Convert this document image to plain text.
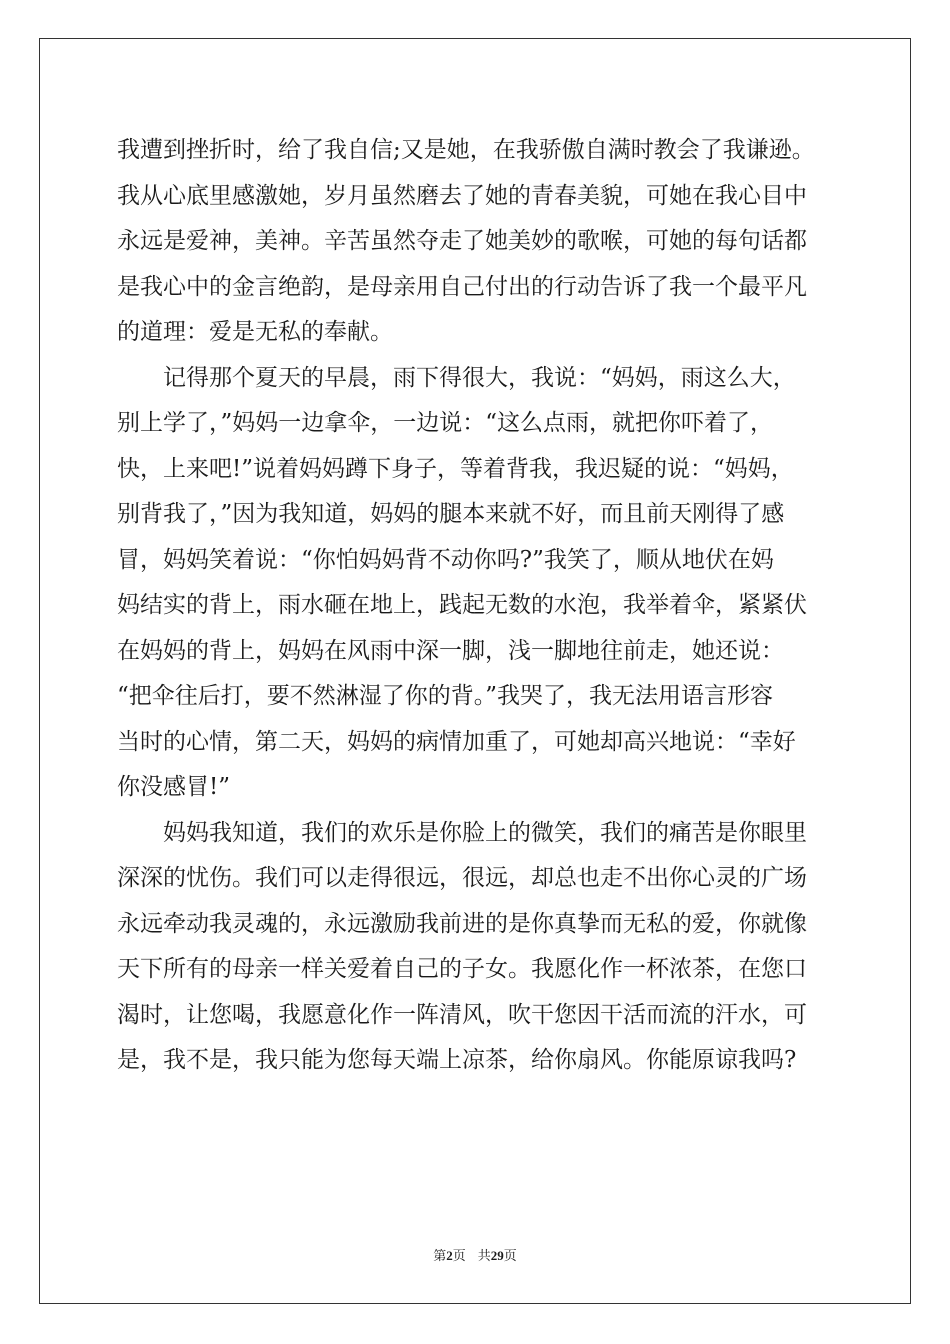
我遭到挫折时，给了我自信;又是她，在我骄傲自满时教会了我谦逊。
我从心底里感激她，岁月虽然磨去了她的青春美貌，可她在我心目中
永远是爱神，美神。辛苦虽然夺走了她美妙的歌喉，可她的每句话都
是我心中的金言绝韵，是母亲用自己付出的行动告诉了我一个最平凡
的道理：爱是无私的奉献。
记得那个夏天的早晨，雨下得很大，我说：“妈妈，雨这么大，
别上学了，”妈妈一边拿伞，一边说：“这么点雨，就把你吓着了，
快，上来吧!”说着妈妈蹲下身子，等着背我，我迟疑的说：“妈妈，
别背我了，”因为我知道，妈妈的腿本来就不好，而且前天刚得了感
冒，妈妈笑着说：“你怕妈妈背不动你吗?”我笑了，顺从地伏在妈
妈结实的背上，雨水砸在地上，践起无数的水泡，我举着伞，紧紧伏
在妈妈的背上，妈妈在风雨中深一脚，浅一脚地往前走，她还说：
“把伞往后打，要不然淋湿了你的背。”我哭了，我无法用语言形容
当时的心情，第二天，妈妈的病情加重了，可她却高兴地说：“幸好
你没感冒!”
妈妈我知道，我们的欢乐是你脸上的微笑，我们的痛苦是你眼里
深深的忧伤。我们可以走得很远，很远，却总也走不出你心灵的广场
永远牵动我灵魂的，永远激励我前进的是你真挚而无私的爱，你就像
天下所有的母亲一样关爱着自己的子女。我愿化作一杯浓茶，在您口
渴时，让您喝，我愿意化作一阵清风，吹干您因干活而流的汗水，可
是，我不是，我只能为您每天端上凉茶，给你扇风。你能原谅我吗?
第2页 共29页
